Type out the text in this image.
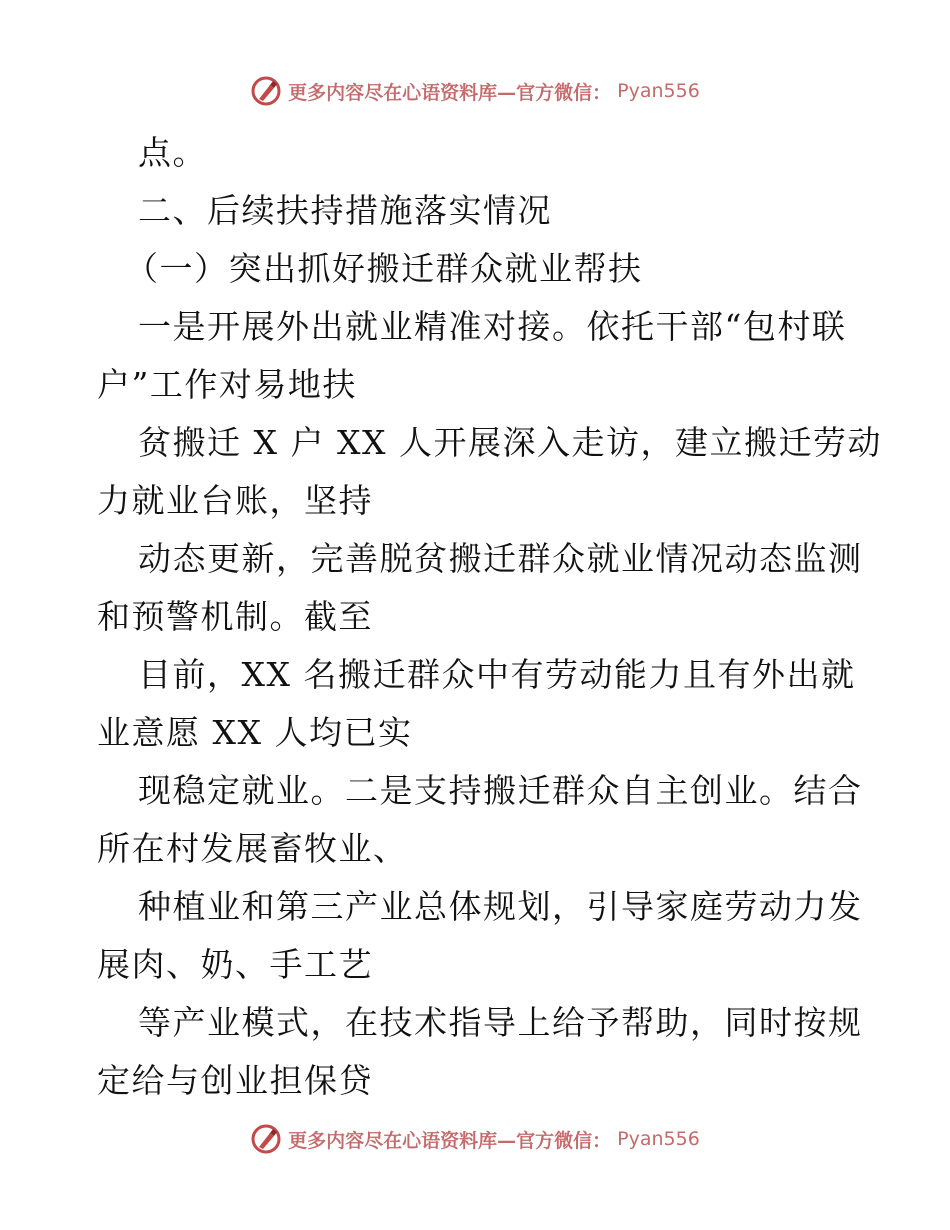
更多内容尽在心语资料库—官方微信： Pyan556
点。
二、后续扶持措施落实情况
（一）突出抓好搬迁群众就业帮扶
一是开展外出就业精准对接。依托干部“包村联
户”工作对易地扶
贫搬迁 X 户 XX 人开展深入走访，建立搬迁劳动
力就业台账，坚持
动态更新，完善脱贫搬迁群众就业情况动态监测
和预警机制。截至
目前，XX 名搬迁群众中有劳动能力且有外出就
业意愿 XX 人均已实
现稳定就业。二是支持搬迁群众自主创业。结合
所在村发展畜牧业、
种植业和第三产业总体规划，引导家庭劳动力发
展肉、奶、手工艺
等产业模式，在技术指导上给予帮助，同时按规
定给与创业担保贷
更多内容尽在心语资料库—官方微信： Pyan556
